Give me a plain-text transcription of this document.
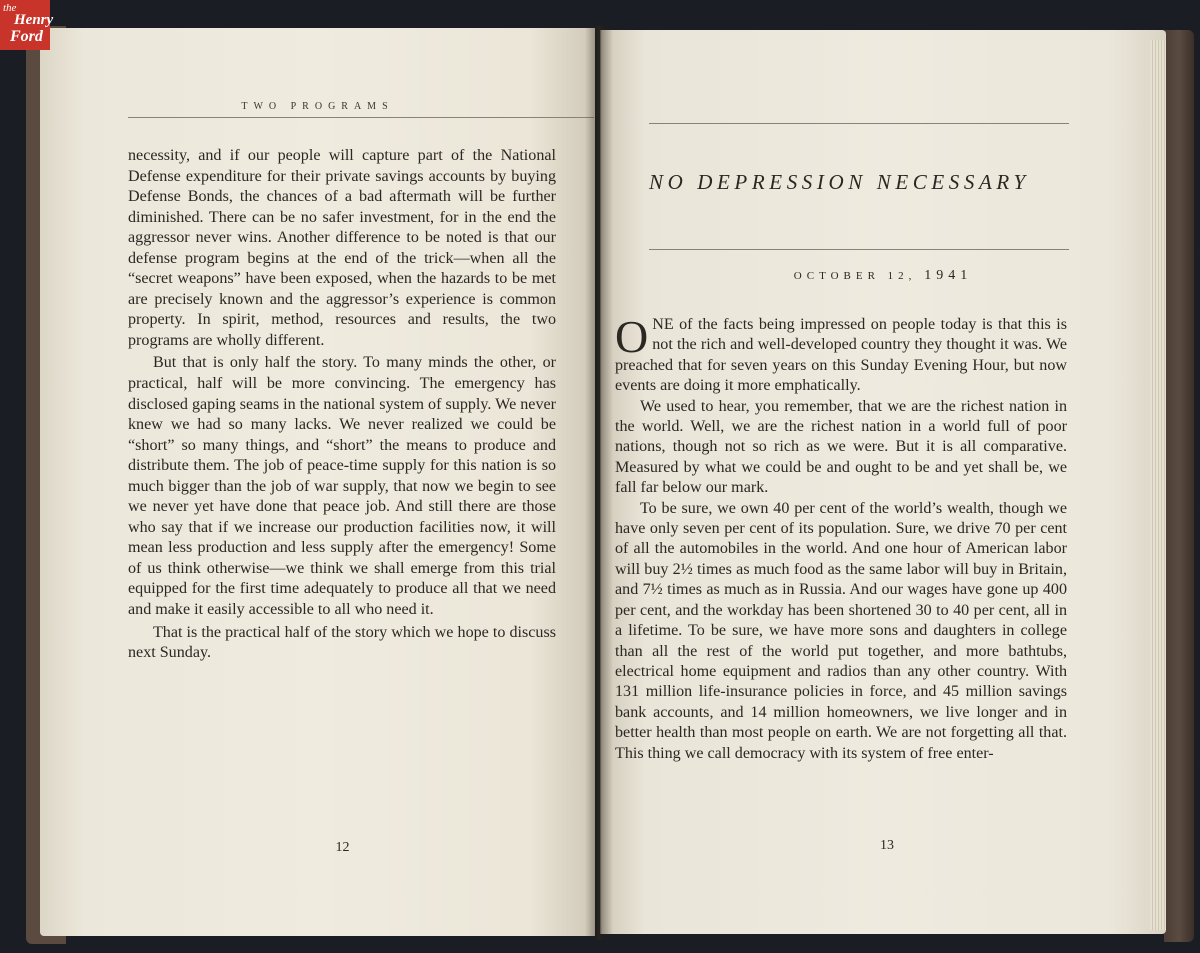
TWO PROGRAMS

necessity, and if our people will capture part of the National Defense expenditure for their private savings accounts by buying Defense Bonds, the chances of a bad aftermath will be further diminished. There can be no safer investment, for in the end the aggressor never wins. Another difference to be noted is that our defense program begins at the end of the trick—when all the “secret weapons” have been exposed, when the hazards to be met are precisely known and the aggressor’s experience is common property. In spirit, method, resources and results, the two programs are wholly different.

But that is only half the story. To many minds the other, or practical, half will be more convincing. The emergency has disclosed gaping seams in the national system of supply. We never knew we had so many lacks. We never realized we could be “short” so many things, and “short” the means to produce and distribute them. The job of peace-time supply for this nation is so much bigger than the job of war supply, that now we begin to see we never yet have done that peace job. And still there are those who say that if we increase our production facilities now, it will mean less production and less supply after the emergency! Some of us think otherwise—we think we shall emerge from this trial equipped for the first time adequately to produce all that we need and make it easily accessible to all who need it.

That is the practical half of the story which we hope to discuss next Sunday.

12
NO DEPRESSION NECESSARY
OCTOBER 12, 1941

ONE of the facts being impressed on people today is that this is not the rich and well-developed country they thought it was. We preached that for seven years on this Sunday Evening Hour, but now events are doing it more emphatically.

We used to hear, you remember, that we are the richest nation in the world. Well, we are the richest nation in a world full of poor nations, though not so rich as we were. But it is all comparative. Measured by what we could be and ought to be and yet shall be, we fall far below our mark.

To be sure, we own 40 per cent of the world’s wealth, though we have only seven per cent of its population. Sure, we drive 70 per cent of all the automobiles in the world. And one hour of American labor will buy 2½ times as much food as the same labor will buy in Britain, and 7½ times as much as in Russia. And our wages have gone up 400 per cent, and the workday has been shortened 30 to 40 per cent, all in a lifetime. To be sure, we have more sons and daughters in college than all the rest of the world put together, and more bathtubs, electrical home equipment and radios than any other country. With 131 million life-insurance policies in force, and 45 million savings bank accounts, and 14 million homeowners, we live longer and in better health than most people on earth. We are not forgetting all that. This thing we call democracy with its system of free enter-

13
the
Henry
Ford
